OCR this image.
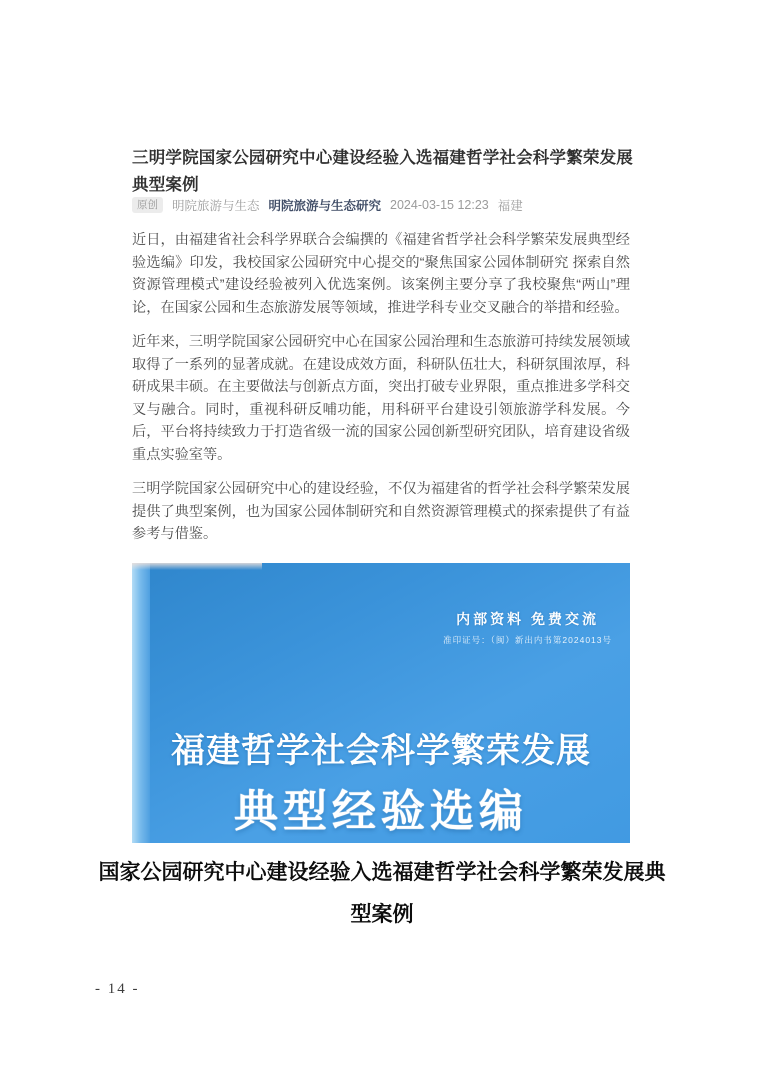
三明学院国家公园研究中心建设经验入选福建哲学社会科学繁荣发展典型案例
原创	明院旅游与生态 明院旅游与生态研究 2024-03-15 12:23 福建

近日，由福建省社会科学界联合会编撰的《福建省哲学社会科学繁荣发展典型经验选编》印发，我校国家公园研究中心提交的“聚焦国家公园体制研究 探索自然资源管理模式”建设经验被列入优选案例。该案例主要分享了我校聚焦“两山”理论，在国家公园和生态旅游发展等领域，推进学科专业交叉融合的举措和经验。

近年来，三明学院国家公园研究中心在国家公园治理和生态旅游可持续发展领域取得了一系列的显著成就。在建设成效方面，科研队伍壮大，科研氛围浓厚，科研成果丰硕。在主要做法与创新点方面，突出打破专业界限，重点推进多学科交叉与融合。同时，重视科研反哺功能，用科研平台建设引领旅游学科发展。今后，平台将持续致力于打造省级一流的国家公园创新型研究团队，培育建设省级重点实验室等。

三明学院国家公园研究中心的建设经验，不仅为福建省的哲学社会科学繁荣发展提供了典型案例，也为国家公园体制研究和自然资源管理模式的探索提供了有益参考与借鉴。

内部资料 免费交流
准印证号：（闽）新出内书第2024013号
福建哲学社会科学繁荣发展
典型经验选编
国家公园研究中心建设经验入选福建哲学社会科学繁荣发展典型案例
- 14 -
